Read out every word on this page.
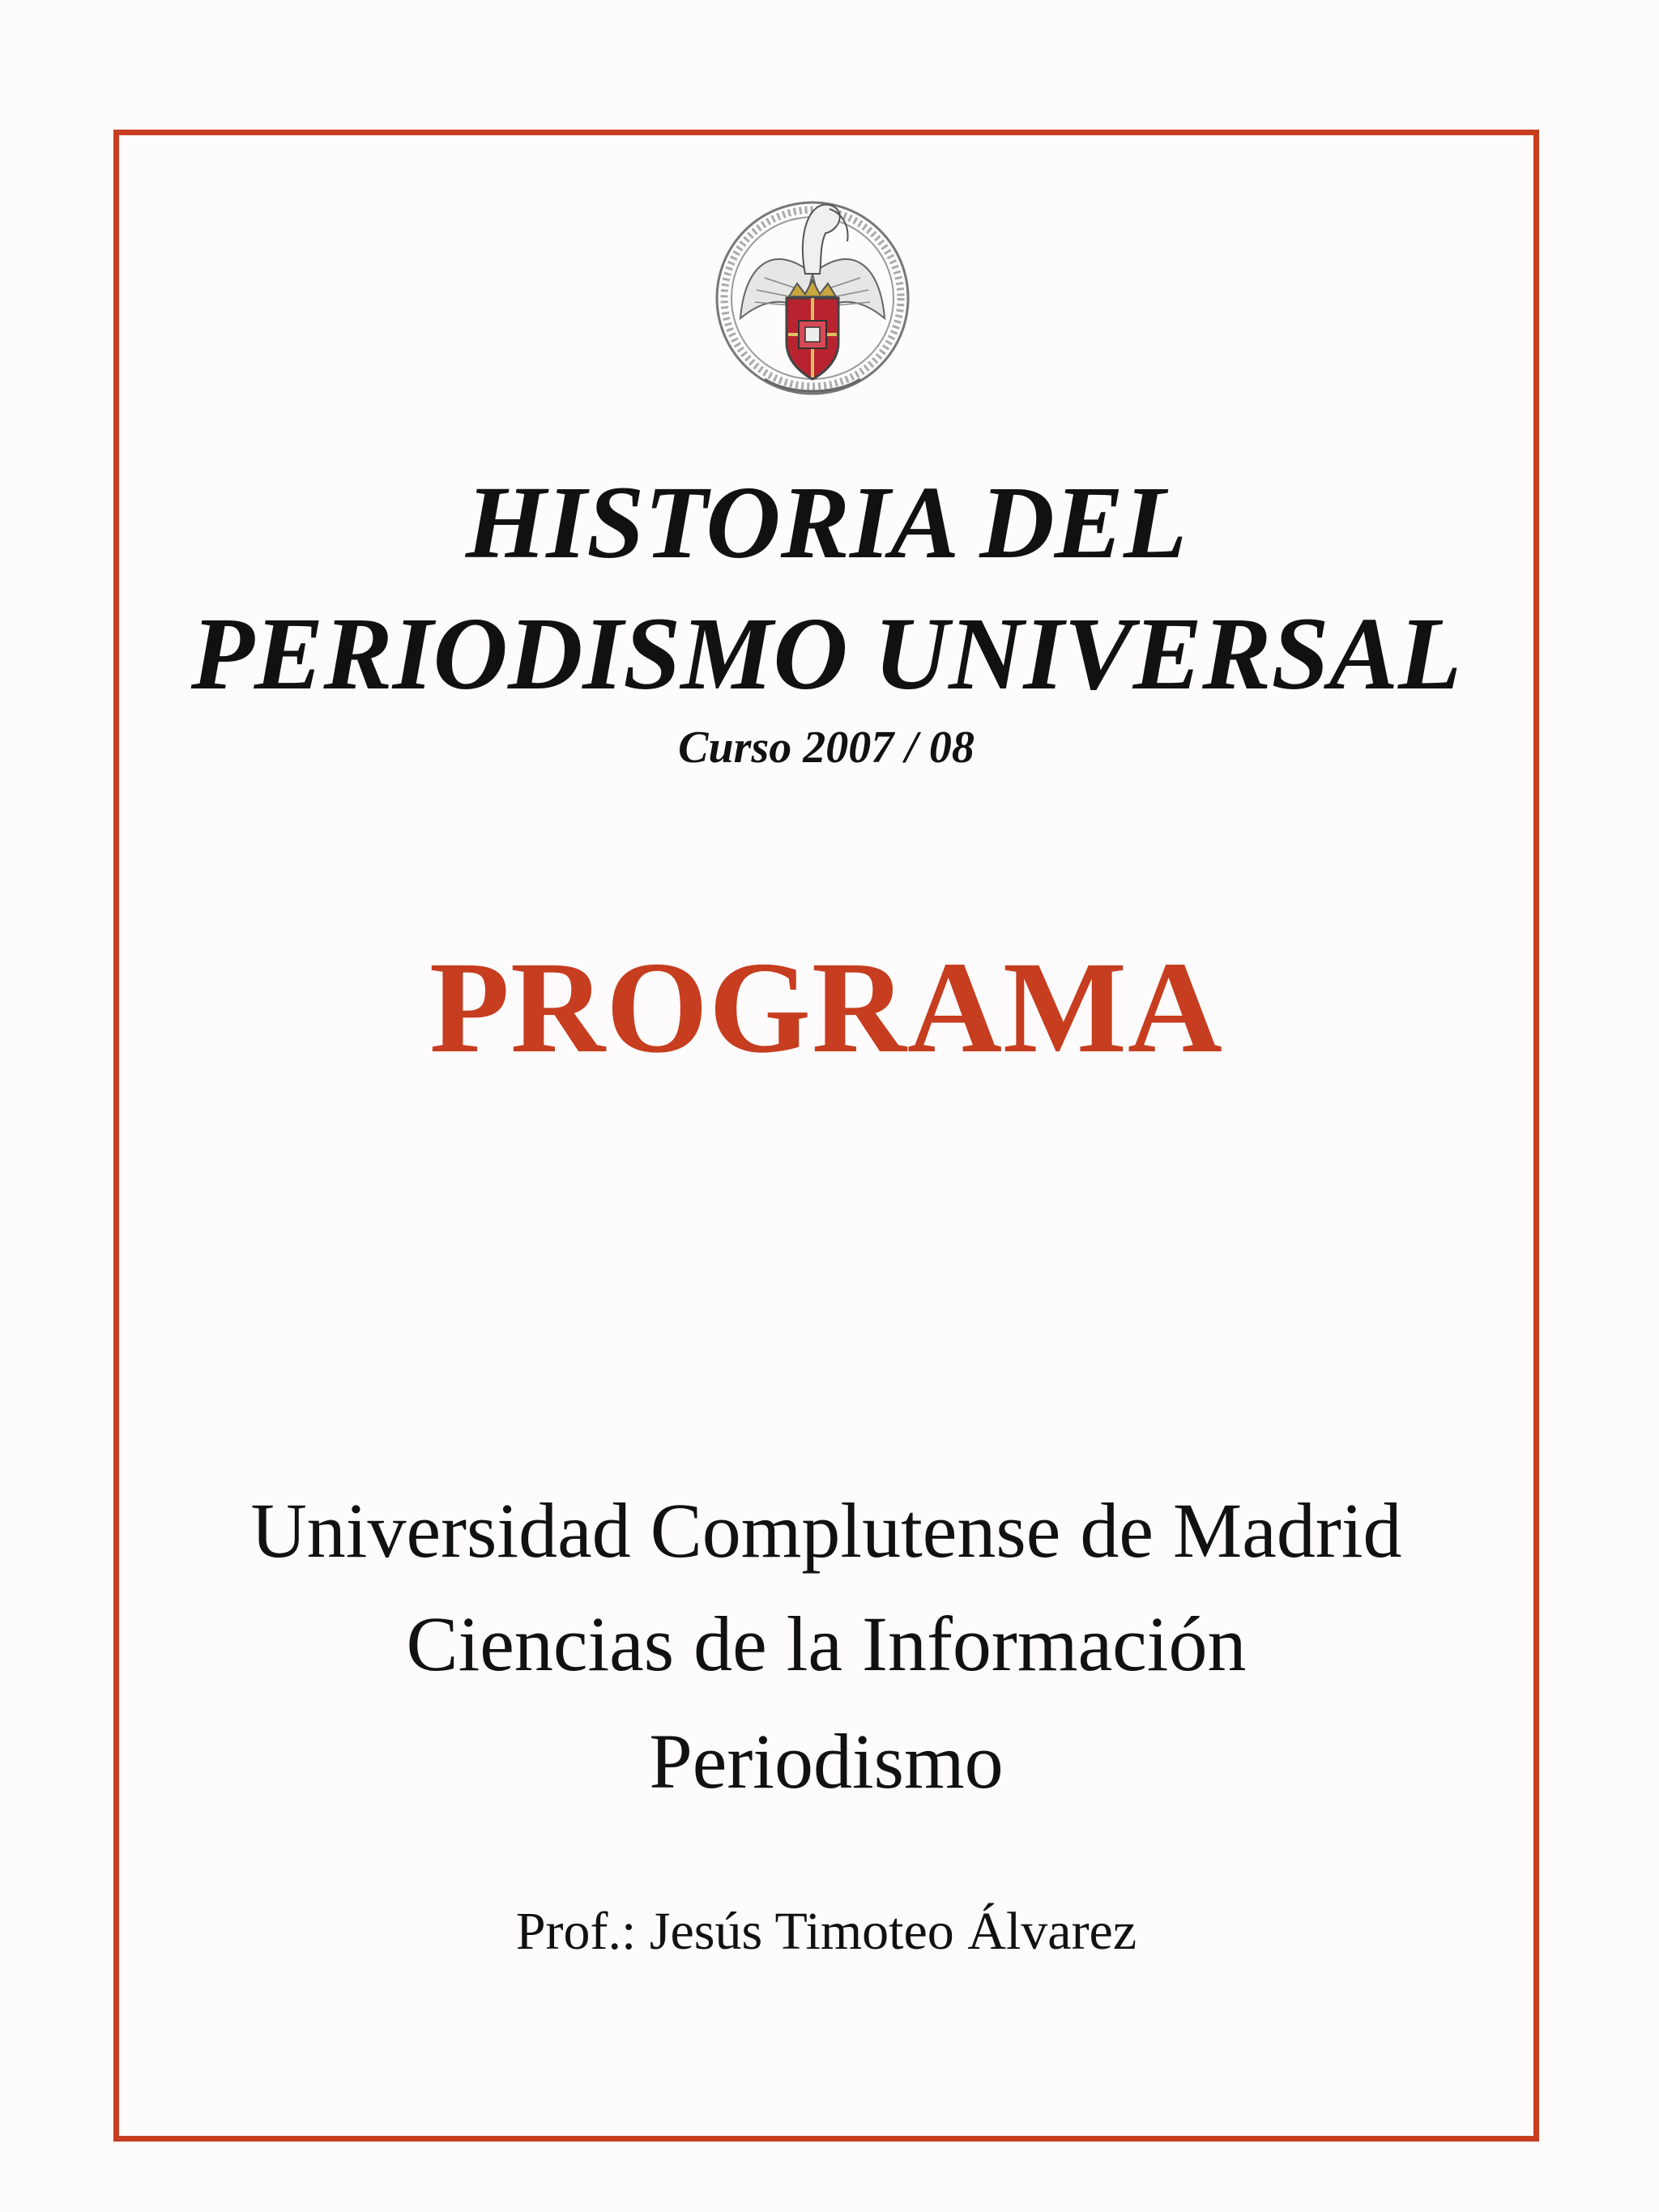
HISTORIA DEL
PERIODISMO UNIVERSAL
Curso 2007 / 08
PROGRAMA
Universidad Complutense de Madrid
Ciencias de la Información
Periodismo
Prof.: Jesús Timoteo Álvarez
